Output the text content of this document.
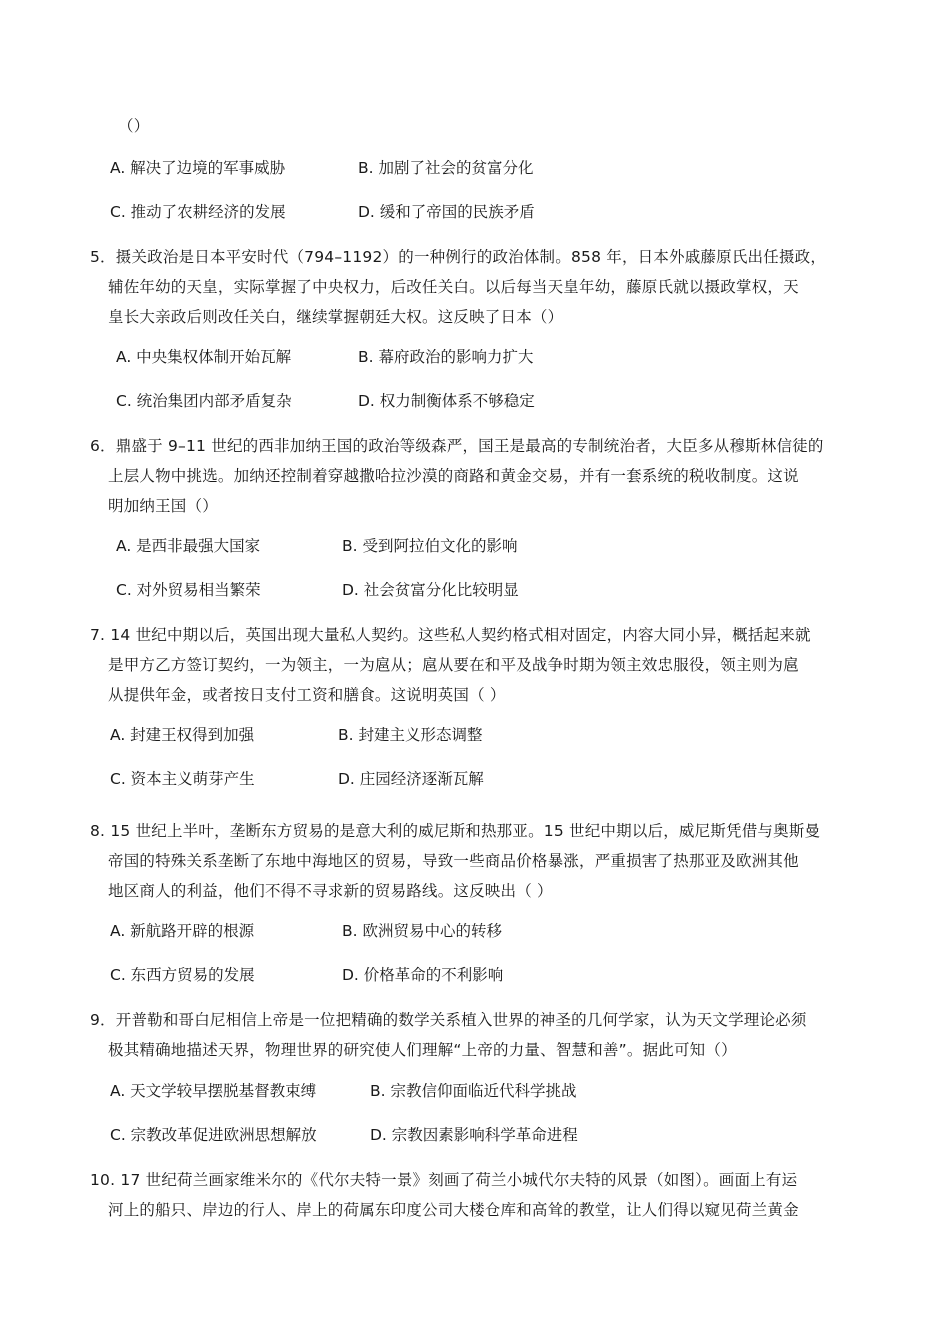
（）
A. 解决了边境的军事威胁	B. 加剧了社会的贫富分化
C. 推动了农耕经济的发展	D. 缓和了帝国的民族矛盾
5．摄关政治是日本平安时代（794–1192）的一种例行的政治体制。858 年，日本外戚藤原氏出任摄政，
辅佐年幼的天皇，实际掌握了中央权力，后改任关白。以后每当天皇年幼，藤原氏就以摄政掌权，天
皇长大亲政后则改任关白，继续掌握朝廷大权。这反映了日本（）
A. 中央集权体制开始瓦解	B. 幕府政治的影响力扩大
C. 统治集团内部矛盾复杂	D. 权力制衡体系不够稳定
6．鼎盛于 9–11 世纪的西非加纳王国的政治等级森严，国王是最高的专制统治者，大臣多从穆斯林信徒的
上层人物中挑选。加纳还控制着穿越撒哈拉沙漠的商路和黄金交易，并有一套系统的税收制度。这说
明加纳王国（）
A. 是西非最强大国家	B. 受到阿拉伯文化的影响
C. 对外贸易相当繁荣	D. 社会贫富分化比较明显
7. 14 世纪中期以后，英国出现大量私人契约。这些私人契约格式相对固定，内容大同小异，概括起来就
是甲方乙方签订契约，一为领主，一为扈从；扈从要在和平及战争时期为领主效忠服役，领主则为扈
从提供年金，或者按日支付工资和膳食。这说明英国（ ）
A. 封建王权得到加强	B. 封建主义形态调整
C. 资本主义萌芽产生	D. 庄园经济逐渐瓦解
8. 15 世纪上半叶，垄断东方贸易的是意大利的威尼斯和热那亚。15 世纪中期以后，威尼斯凭借与奥斯曼
帝国的特殊关系垄断了东地中海地区的贸易，导致一些商品价格暴涨，严重损害了热那亚及欧洲其他
地区商人的利益，他们不得不寻求新的贸易路线。这反映出（ ）
A. 新航路开辟的根源	B. 欧洲贸易中心的转移
C. 东西方贸易的发展	D. 价格革命的不利影响
9．开普勒和哥白尼相信上帝是一位把精确的数学关系植入世界的神圣的几何学家，认为天文学理论必须
极其精确地描述天界，物理世界的研究使人们理解“上帝的力量、智慧和善”。据此可知（）
A. 天文学较早摆脱基督教束缚	B. 宗教信仰面临近代科学挑战
C. 宗教改革促进欧洲思想解放	D. 宗教因素影响科学革命进程
10. 17 世纪荷兰画家维米尔的《代尔夫特一景》刻画了荷兰小城代尔夫特的风景（如图）。画面上有运
河上的船只、岸边的行人、岸上的荷属东印度公司大楼仓库和高耸的教堂，让人们得以窥见荷兰黄金
